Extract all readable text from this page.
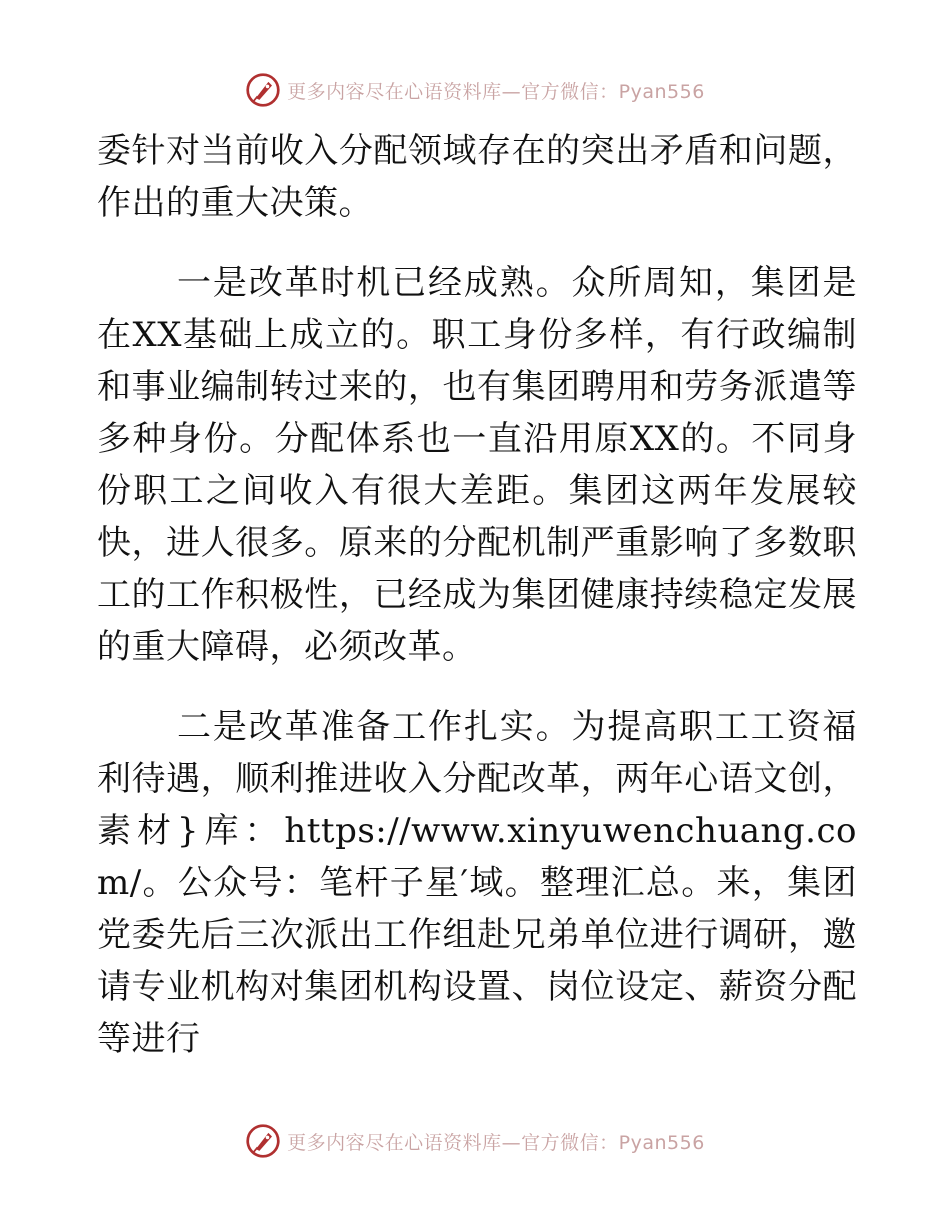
更多内容尽在心语资料库—官方微信：Pyan556

委针对当前收入分配领域存在的突出矛盾和问题，作出的重大决策。

一是改革时机已经成熟。众所周知，集团是在XX基础上成立的。职工身份多样，有行政编制和事业编制转过来的，也有集团聘用和劳务派遣等多种身份。分配体系也一直沿用原XX的。不同身份职工之间收入有很大差距。集团这两年发展较快，进人很多。原来的分配机制严重影响了多数职工的工作积极性，已经成为集团健康持续稳定发展的重大障碍，必须改革。

二是改革准备工作扎实。为提高职工工资福利待遇，顺利推进收入分配改革，两年心语文创，素材}库：https://www.xinyuwenchuang.com/。公众号：笔杆子星′域。整理汇总。来，集团党委先后三次派出工作组赴兄弟单位进行调研，邀请专业机构对集团机构设置、岗位设定、薪资分配等进行

更多内容尽在心语资料库—官方微信：Pyan556
